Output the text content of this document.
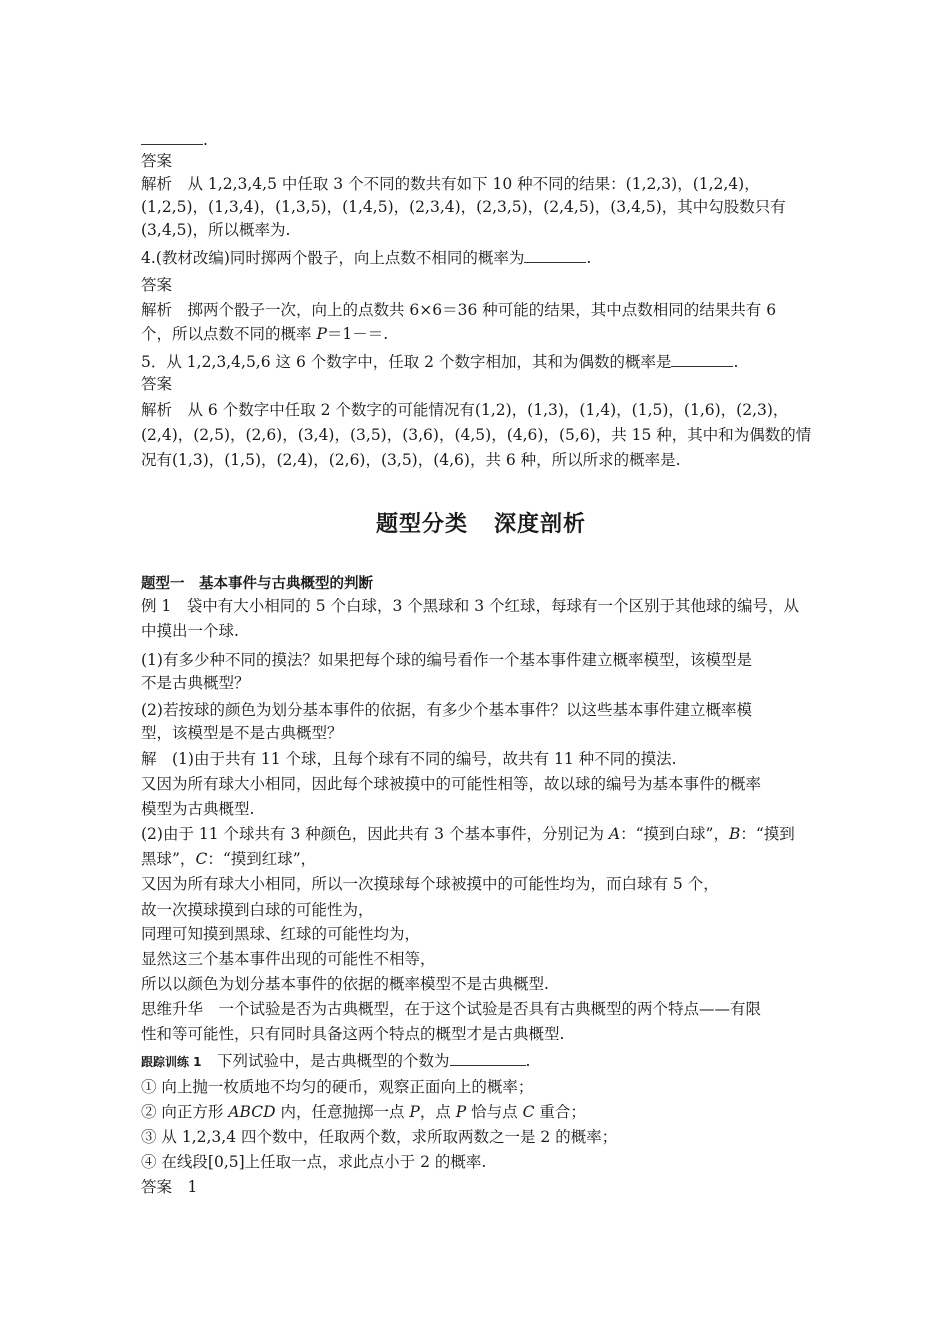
.
答案
解析　从 1,2,3,4,5 中任取 3 个不同的数共有如下 10 种不同的结果：(1,2,3)，(1,2,4)，
(1,2,5)，(1,3,4)，(1,3,5)，(1,4,5)，(2,3,4)，(2,3,5)，(2,4,5)，(3,4,5)，其中勾股数只有
(3,4,5)，所以概率为.
4.(教材改编)同时掷两个骰子，向上点数不相同的概率为	.
答案
解析　掷两个骰子一次，向上的点数共 6×6＝36 种可能的结果，其中点数相同的结果共有 6
个，所以点数不同的概率 P＝1－＝.
5．从 1,2,3,4,5,6 这 6 个数字中，任取 2 个数字相加，其和为偶数的概率是	.
答案
解析　从 6 个数字中任取 2 个数字的可能情况有(1,2)，(1,3)，(1,4)，(1,5)，(1,6)，(2,3)，
(2,4)，(2,5)，(2,6)，(3,4)，(3,5)，(3,6)，(4,5)，(4,6)，(5,6)，共 15 种，其中和为偶数的情
况有(1,3)，(1,5)，(2,4)，(2,6)，(3,5)，(4,6)，共 6 种，所以所求的概率是.
题型分类 深度剖析
题型一　基本事件与古典概型的判断
例 1　袋中有大小相同的 5 个白球，3 个黑球和 3 个红球，每球有一个区别于其他球的编号，从
中摸出一个球.
(1)有多少种不同的摸法？如果把每个球的编号看作一个基本事件建立概率模型，该模型是
不是古典概型？
(2)若按球的颜色为划分基本事件的依据，有多少个基本事件？以这些基本事件建立概率模
型，该模型是不是古典概型？
解　(1)由于共有 11 个球，且每个球有不同的编号，故共有 11 种不同的摸法.
又因为所有球大小相同，因此每个球被摸中的可能性相等，故以球的编号为基本事件的概率
模型为古典概型.
(2)由于 11 个球共有 3 种颜色，因此共有 3 个基本事件，分别记为 A：“摸到白球”，B：“摸到
黑球”，C：“摸到红球”，
又因为所有球大小相同，所以一次摸球每个球被摸中的可能性均为，而白球有 5 个，
故一次摸球摸到白球的可能性为，
同理可知摸到黑球、红球的可能性均为，
显然这三个基本事件出现的可能性不相等，
所以以颜色为划分基本事件的依据的概率模型不是古典概型.
思维升华　一个试验是否为古典概型，在于这个试验是否具有古典概型的两个特点——有限
性和等可能性，只有同时具备这两个特点的概型才是古典概型.
跟踪训练 1　下列试验中，是古典概型的个数为	.
① 向上抛一枚质地不均匀的硬币，观察正面向上的概率；
② 向正方形 ABCD 内，任意抛掷一点 P，点 P 恰与点 C 重合；
③ 从 1,2,3,4 四个数中，任取两个数，求所取两数之一是 2 的概率；
④ 在线段[0,5]上任取一点，求此点小于 2 的概率.
答案　1
